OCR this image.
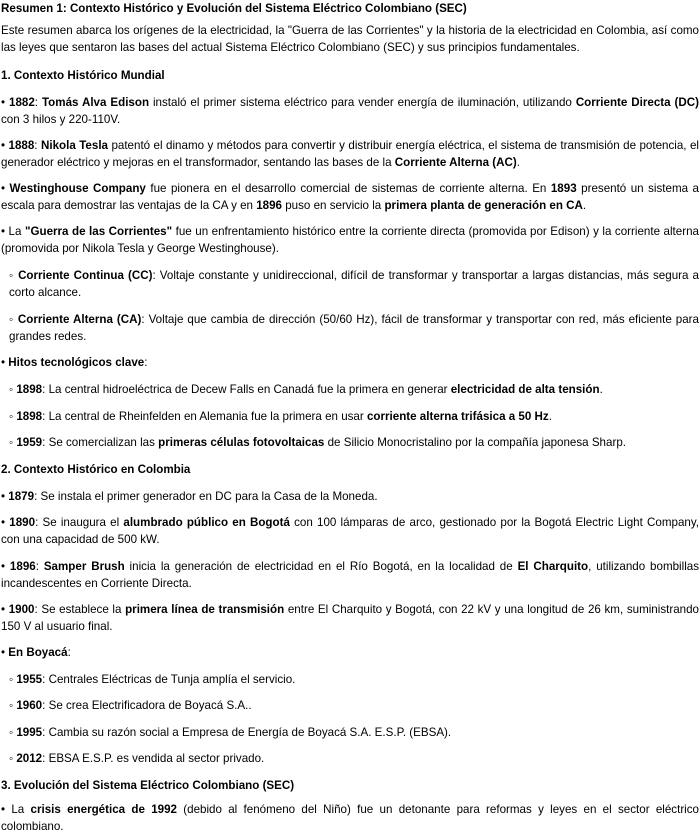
Resumen 1: Contexto Histórico y Evolución del Sistema Eléctrico Colombiano (SEC)

Este resumen abarca los orígenes de la electricidad, la "Guerra de las Corrientes" y la historia de la electricidad en Colombia, así como las leyes que sentaron las bases del actual Sistema Eléctrico Colombiano (SEC) y sus principios fundamentales.

1. Contexto Histórico Mundial

• 1882: Tomás Alva Edison instaló el primer sistema eléctrico para vender energía de iluminación, utilizando Corriente Directa (DC) con 3 hilos y 220-110V.

• 1888: Nikola Tesla patentó el dinamo y métodos para convertir y distribuir energía eléctrica, el sistema de transmisión de potencia, el generador eléctrico y mejoras en el transformador, sentando las bases de la Corriente Alterna (AC).

• Westinghouse Company fue pionera en el desarrollo comercial de sistemas de corriente alterna. En 1893 presentó un sistema a escala para demostrar las ventajas de la CA y en 1896 puso en servicio la primera planta de generación en CA.

• La "Guerra de las Corrientes" fue un enfrentamiento histórico entre la corriente directa (promovida por Edison) y la corriente alterna (promovida por Nikola Tesla y George Westinghouse).

◦ Corriente Continua (CC): Voltaje constante y unidireccional, difícil de transformar y transportar a largas distancias, más segura a corto alcance.

◦ Corriente Alterna (CA): Voltaje que cambia de dirección (50/60 Hz), fácil de transformar y transportar con red, más eficiente para grandes redes.

• Hitos tecnológicos clave:

◦ 1898: La central hidroeléctrica de Decew Falls en Canadá fue la primera en generar electricidad de alta tensión.

◦ 1898: La central de Rheinfelden en Alemania fue la primera en usar corriente alterna trifásica a 50 Hz.

◦ 1959: Se comercializan las primeras células fotovoltaicas de Silicio Monocristalino por la compañía japonesa Sharp.

2. Contexto Histórico en Colombia

• 1879: Se instala el primer generador en DC para la Casa de la Moneda.

• 1890: Se inaugura el alumbrado público en Bogotá con 100 lámparas de arco, gestionado por la Bogotá Electric Light Company, con una capacidad de 500 kW.

• 1896: Samper Brush inicia la generación de electricidad en el Río Bogotá, en la localidad de El Charquito, utilizando bombillas incandescentes en Corriente Directa.

• 1900: Se establece la primera línea de transmisión entre El Charquito y Bogotá, con 22 kV y una longitud de 26 km, suministrando 150 V al usuario final.

• En Boyacá:

◦ 1955: Centrales Eléctricas de Tunja amplía el servicio.

◦ 1960: Se crea Electrificadora de Boyacá S.A..

◦ 1995: Cambia su razón social a Empresa de Energía de Boyacá S.A. E.S.P. (EBSA).

◦ 2012: EBSA E.S.P. es vendida al sector privado.

3. Evolución del Sistema Eléctrico Colombiano (SEC)

• La crisis energética de 1992 (debido al fenómeno del Niño) fue un detonante para reformas y leyes en el sector eléctrico colombiano.
